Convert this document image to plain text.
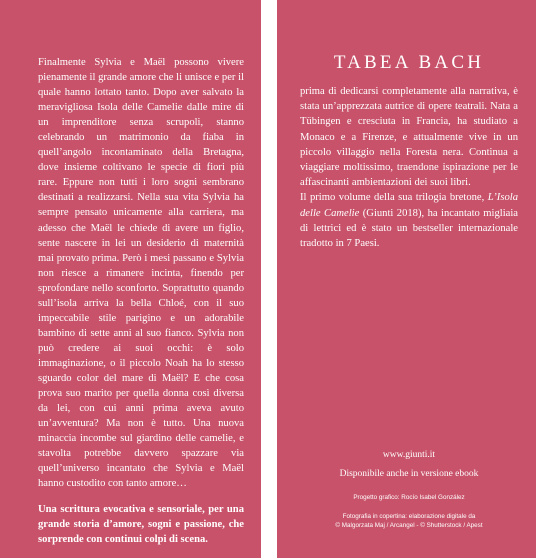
Finalmente Sylvia e Maël possono vivere pienamente il grande amore che li unisce e per il quale hanno lottato tanto. Dopo aver salvato la meravigliosa Isola delle Camelie dalle mire di un imprenditore senza scrupoli, stanno celebrando un matrimonio da fiaba in quell’angolo incontaminato della Bretagna, dove insieme coltivano le specie di fiori più rare. Eppure non tutti i loro sogni sembrano destinati a realizzarsi. Nella sua vita Sylvia ha sempre pensato unicamente alla carriera, ma adesso che Maël le chiede di avere un figlio, sente nascere in lei un desiderio di maternità mai provato prima. Però i mesi passano e Sylvia non riesce a rimanere incinta, finendo per sprofondare nello sconforto. Soprattutto quando sull’isola arriva la bella Chloé, con il suo impeccabile stile parigino e un adorabile bambino di sette anni al suo fianco. Sylvia non può credere ai suoi occhi: è solo immaginazione, o il piccolo Noah ha lo stesso sguardo color del mare di Maël? E che cosa prova suo marito per quella donna così diversa da lei, con cui anni prima aveva avuto un’avventura? Ma non è tutto. Una nuova minaccia incombe sul giardino delle camelie, e stavolta potrebbe davvero spazzare via quell’universo incantato che Sylvia e Maël hanno custodito con tanto amore…

Una scrittura evocativa e sensoriale, per una grande storia d’amore, sogni e passione, che sorprende con continui colpi di scena.

TABEA BACH

prima di dedicarsi completamente alla narrativa, è stata un’apprezzata autrice di opere teatrali. Nata a Tübingen e cresciuta in Francia, ha studiato a Monaco e a Firenze, e attualmente vive in un piccolo villaggio nella Foresta nera. Continua a viaggiare moltissimo, traendone ispirazione per le affascinanti ambientazioni dei suoi libri.

Il primo volume della sua trilogia bretone, L’Isola delle Camelie (Giunti 2018), ha incantato migliaia di lettrici ed è stato un bestseller internazionale tradotto in 7 Paesi.

www.giunti.it

Disponibile anche in versione ebook

Progetto grafico: Rocío Isabel González

Fotografia in copertina: elaborazione digitale da

© Malgorzata Maj / Arcangel - © Shutterstock / Apest
